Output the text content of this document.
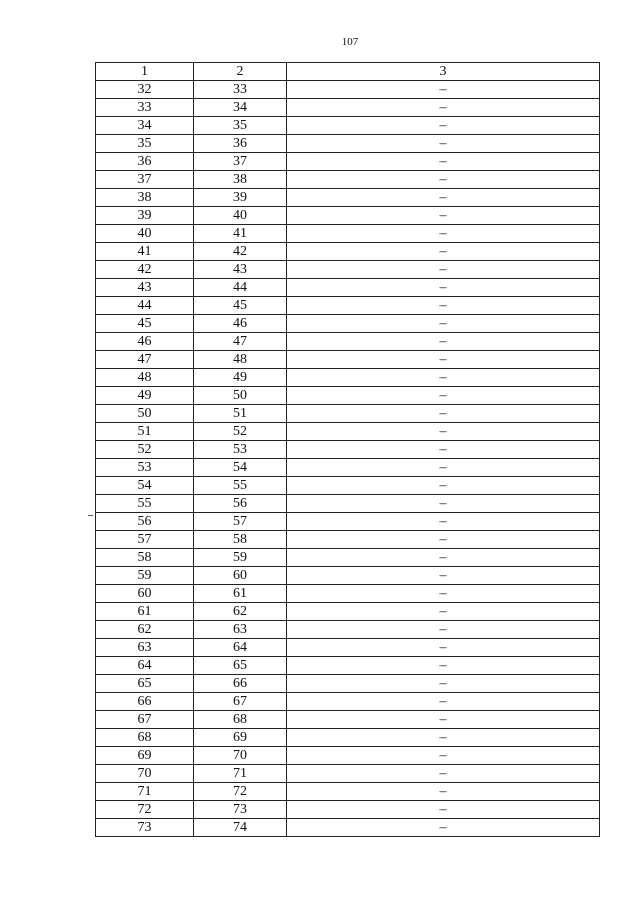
107
1	2	3
32	33	–
33	34	–
34	35	–
35	36	–
36	37	–
37	38	–
38	39	–
39	40	–
40	41	–
41	42	–
42	43	–
43	44	–
44	45	–
45	46	–
46	47	–
47	48	–
48	49	–
49	50	–
50	51	–
51	52	–
52	53	–
53	54	–
54	55	–
55	56	–
56	57	–
57	58	–
58	59	–
59	60	–
60	61	–
61	62	–
62	63	–
63	64	–
64	65	–
65	66	–
66	67	–
67	68	–
68	69	–
69	70	–
70	71	–
71	72	–
72	73	–
73	74	–
